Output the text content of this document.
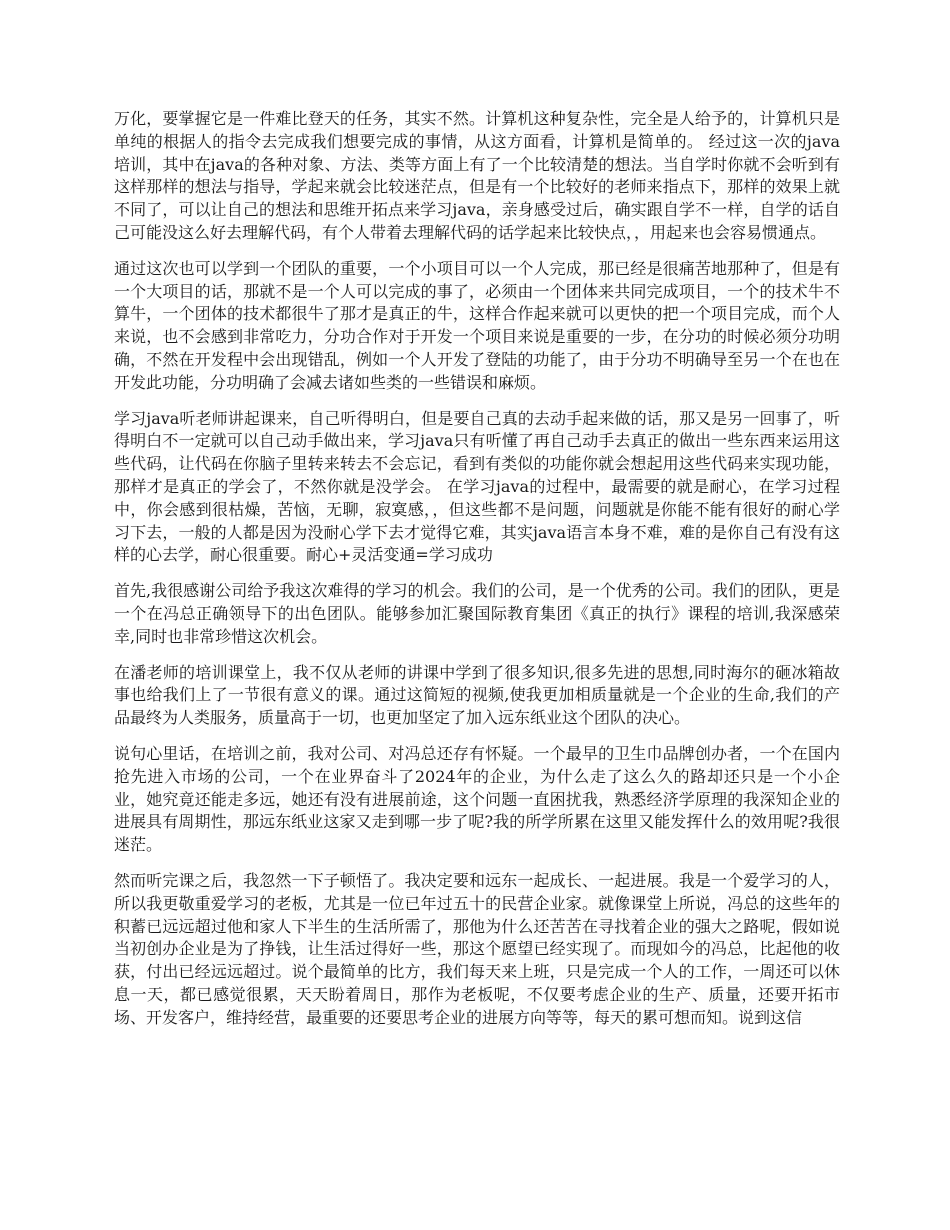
万化，要掌握它是一件难比登天的任务，其实不然。计算机这种复杂性，完全是人给予的，计算机只是单纯的根据人的指令去完成我们想要完成的事情，从这方面看，计算机是简单的。 经过这一次的java培训，其中在java的各种对象、方法、类等方面上有了一个比较清楚的想法。当自学时你就不会听到有这样那样的想法与指导，学起来就会比较迷茫点，但是有一个比较好的老师来指点下，那样的效果上就不同了，可以让自己的想法和思维开拓点来学习java，亲身感受过后，确实跟自学不一样，自学的话自己可能没这么好去理解代码，有个人带着去理解代码的话学起来比较快点，，用起来也会容易惯通点。

通过这次也可以学到一个团队的重要，一个小项目可以一个人完成，那已经是很痛苦地那种了，但是有一个大项目的话，那就不是一个人可以完成的事了，必须由一个团体来共同完成项目，一个的技术牛不算牛，一个团体的技术都很牛了那才是真正的牛，这样合作起来就可以更快的把一个项目完成，而个人来说，也不会感到非常吃力，分功合作对于开发一个项目来说是重要的一步，在分功的时候必须分功明确，不然在开发程中会出现错乱，例如一个人开发了登陆的功能了，由于分功不明确导至另一个在也在开发此功能，分功明确了会减去诸如些类的一些错误和麻烦。

学习java听老师讲起课来，自己听得明白，但是要自己真的去动手起来做的话，那又是另一回事了，听得明白不一定就可以自己动手做出来，学习java只有听懂了再自己动手去真正的做出一些东西来运用这些代码，让代码在你脑子里转来转去不会忘记，看到有类似的功能你就会想起用这些代码来实现功能，那样才是真正的学会了，不然你就是没学会。 在学习java的过程中，最需要的就是耐心，在学习过程中，你会感到很枯燥，苦恼，无聊，寂寞感，，但这些都不是问题，问题就是你能不能有很好的耐心学习下去，一般的人都是因为没耐心学下去才觉得它难，其实java语言本身不难，难的是你自己有没有这样的心去学，耐心很重要。耐心+灵活变通=学习成功

首先,我很感谢公司给予我这次难得的学习的机会。我们的公司，是一个优秀的公司。我们的团队，更是一个在冯总正确领导下的出色团队。能够参加汇聚国际教育集团《真正的执行》课程的培训,我深感荣幸,同时也非常珍惜这次机会。

在潘老师的培训课堂上，我不仅从老师的讲课中学到了很多知识,很多先进的思想,同时海尔的砸冰箱故事也给我们上了一节很有意义的课。通过这简短的视频,使我更加相质量就是一个企业的生命,我们的产品最终为人类服务，质量高于一切，也更加坚定了加入远东纸业这个团队的决心。

说句心里话，在培训之前，我对公司、对冯总还存有怀疑。一个最早的卫生巾品牌创办者，一个在国内抢先进入市场的公司，一个在业界奋斗了2024年的企业，为什么走了这么久的路却还只是一个小企业，她究竟还能走多远，她还有没有进展前途，这个问题一直困扰我，熟悉经济学原理的我深知企业的进展具有周期性，那远东纸业这家又走到哪一步了呢?我的所学所累在这里又能发挥什么的效用呢?我很迷茫。

然而听完课之后，我忽然一下子顿悟了。我决定要和远东一起成长、一起进展。我是一个爱学习的人，所以我更敬重爱学习的老板，尤其是一位已年过五十的民营企业家。就像课堂上所说，冯总的这些年的积蓄已远远超过他和家人下半生的生活所需了，那他为什么还苦苦在寻找着企业的强大之路呢，假如说当初创办企业是为了挣钱，让生活过得好一些，那这个愿望已经实现了。而现如今的冯总，比起他的收获，付出已经远远超过。说个最简单的比方，我们每天来上班，只是完成一个人的工作，一周还可以休息一天，都已感觉很累，天天盼着周日，那作为老板呢，不仅要考虑企业的生产、质量，还要开拓市场、开发客户，维持经营，最重要的还要思考企业的进展方向等等，每天的累可想而知。说到这信
